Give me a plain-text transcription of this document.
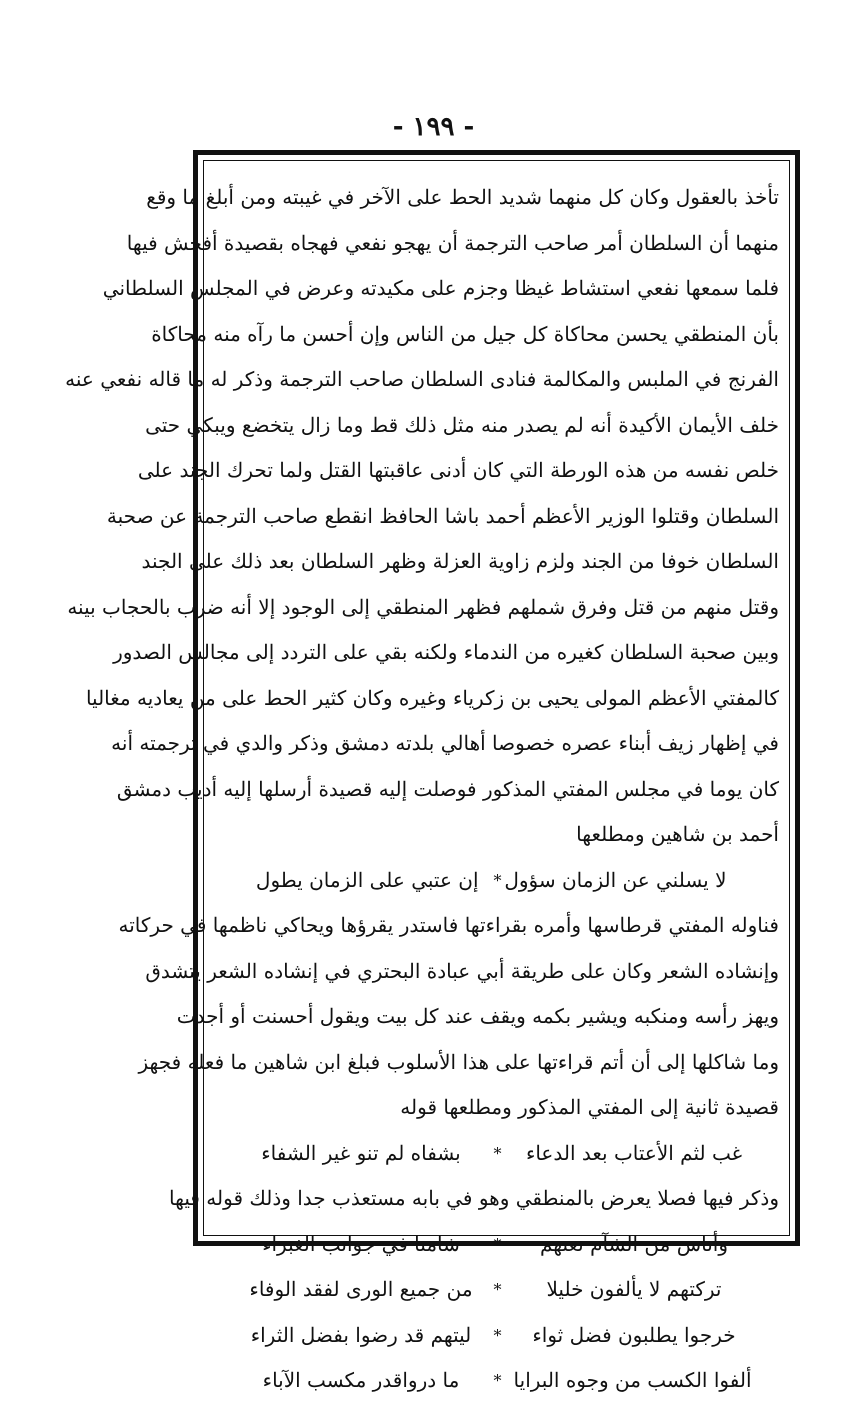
- ١٩٩ -
تأخذ بالعقول وكان كل منهما شديد الحط على الآخر في غيبته ومن أبلغ ما وقع
منهما أن السلطان أمر صاحب الترجمة أن يهجو نفعي فهجاه بقصيدة أفحش فيها
فلما سمعها نفعي استشاط غيظا وجزم على مكيدته وعرض في المجلس السلطاني
بأن المنطقي يحسن محاكاة كل جيل من الناس وإن أحسن ما رآه منه محاكاة
الفرنج في الملبس والمكالمة فنادى السلطان صاحب الترجمة وذكر له ما قاله نفعي عنه
خلف الأيمان الأكيدة أنه لم يصدر منه مثل ذلك قط وما زال يتخضع ويبكي حتى
خلص نفسه من هذه الورطة التي كان أدنى عاقبتها القتل ولما تحرك الجند على
السلطان وقتلوا الوزير الأعظم أحمد باشا الحافظ انقطع صاحب الترجمة عن صحبة
السلطان خوفا من الجند ولزم زاوية العزلة وظهر السلطان بعد ذلك على الجند
وقتل منهم من قتل وفرق شملهم فظهر المنطقي إلى الوجود إلا أنه ضرب بالحجاب بينه
وبين صحبة السلطان كغيره من الندماء ولكنه بقي على التردد إلى مجالس الصدور
كالمفتي الأعظم المولى يحيى بن زكرياء وغيره وكان كثير الحط على من يعاديه مغاليا
في إظهار زيف أبناء عصره خصوصا أهالي بلدته دمشق وذكر والدي في ترجمته أنه
كان يوما في مجلس المفتي المذكور فوصلت إليه قصيدة أرسلها إليه أديب دمشق
أحمد بن شاهين ومطلعها
لا يسلني عن الزمان سؤول
*
إن عتبي على الزمان يطول
فناوله المفتي قرطاسها وأمره بقراءتها فاستدر يقرؤها ويحاكي ناظمها في حركاته
وإنشاده الشعر وكان على طريقة أبي عبادة البحتري في إنشاده الشعر يتشدق
ويهز رأسه ومنكبه ويشير بكمه ويقف عند كل بيت ويقول أحسنت أو أجدت
وما شاكلها إلى أن أتم قراءتها على هذا الأسلوب فبلغ ابن شاهين ما فعله فجهز
قصيدة ثانية إلى المفتي المذكور ومطلعها قوله
غب لثم الأعتاب بعد الدعاء
*
بشفاه لم تنو غير الشفاء
وذكر فيها فصلا يعرض بالمنطقي وهو في بابه مستعذب جدا وذلك قوله فيها
وأناس من الشآم نعتهم
*
شامنا في جوانب الغبراء
تركتهم لا يألفون خليلا
*
من جميع الورى لفقد الوفاء
خرجوا يطلبون فضل ثواء
*
ليتهم قد رضوا بفضل الثراء
ألفوا الكسب من وجوه البرايا
*
ما درواقدر مكسب الآباء
